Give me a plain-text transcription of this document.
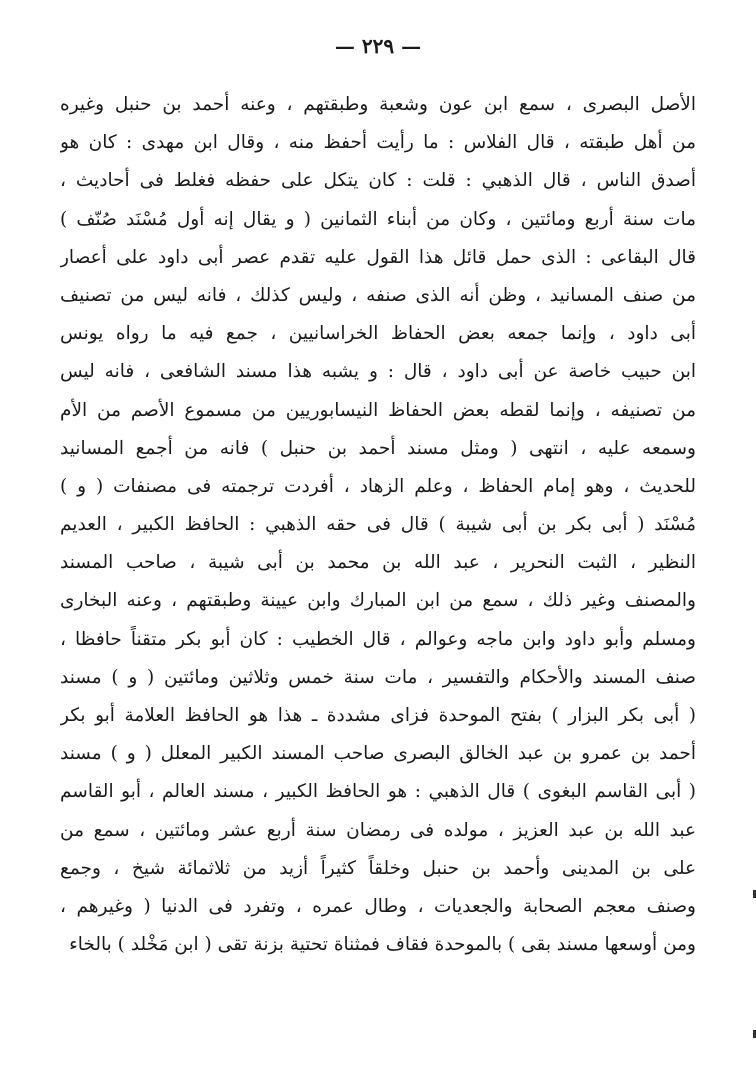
— ٢٢٩ —
الأصل البصرى ، سمع ابن عون وشعبة وطبقتهم ، وعنه أحمد بن حنبل وغيره
من أهل طبقته ، قال الفلاس : ما رأيت أحفظ منه ، وقال ابن مهدى : كان هو
أصدق الناس ، قال الذهبي : قلت : كان يتكل على حفظه فغلط فى أحاديث ،
مات سنة أربع ومائتين ، وكان من أبناء الثمانين ( و يقال إنه أول مُسْنَد صُنّف )
قال البقاعى : الذى حمل قائل هذا القول عليه تقدم عصر أبى داود على أعصار
من صنف المسانيد ، وظن أنه الذى صنفه ، وليس كذلك ، فانه ليس من تصنيف
أبى داود ، وإنما جمعه بعض الحفاظ الخراسانيين ، جمع فيه ما رواه يونس
ابن حبيب خاصة عن أبى داود ، قال : و يشبه هذا مسند الشافعى ، فانه ليس
من تصنيفه ، وإنما لقطه بعض الحفاظ النيسابوريين من مسموع الأصم من الأم
وسمعه عليه ، انتهى ( ومثل مسند أحمد بن حنبل ) فانه من أجمع المسانيد
للحديث ، وهو إمام الحفاظ ، وعلم الزهاد ، أفردت ترجمته فى مصنفات ( و )
مُسْنَد ( أبى بكر بن أبى شيبة ) قال فى حقه الذهبي : الحافظ الكبير ، العديم
النظير ، الثبت النحرير ، عبد الله بن محمد بن أبى شيبة ، صاحب المسند
والمصنف وغير ذلك ، سمع من ابن المبارك وابن عيينة وطبقتهم ، وعنه البخارى
ومسلم وأبو داود وابن ماجه وعوالم ، قال الخطيب : كان أبو بكر متقناً حافظا ،
صنف المسند والأحكام والتفسير ، مات سنة خمس وثلاثين ومائتين ( و ) مسند
( أبى بكر البزار ) بفتح الموحدة فزاى مشددة ـ هذا هو الحافظ العلامة أبو بكر
أحمد بن عمرو بن عبد الخالق البصرى صاحب المسند الكبير المعلل ( و ) مسند
( أبى القاسم البغوى ) قال الذهبي : هو الحافظ الكبير ، مسند العالم ، أبو القاسم
عبد الله بن عبد العزيز ، مولده فى رمضان سنة أربع عشر ومائتين ، سمع من
على بن المدينى وأحمد بن حنبل وخلقاً كثيراً أزيد من ثلاثمائة شيخ ، وجمع
وصنف معجم الصحابة والجعديات ، وطال عمره ، وتفرد فى الدنيا ( وغيرهم ،
ومن أوسعها مسند بقى ) بالموحدة فقاف فمثناة تحتية بزنة تقى ( ابن مَخْلد ) بالخاء
